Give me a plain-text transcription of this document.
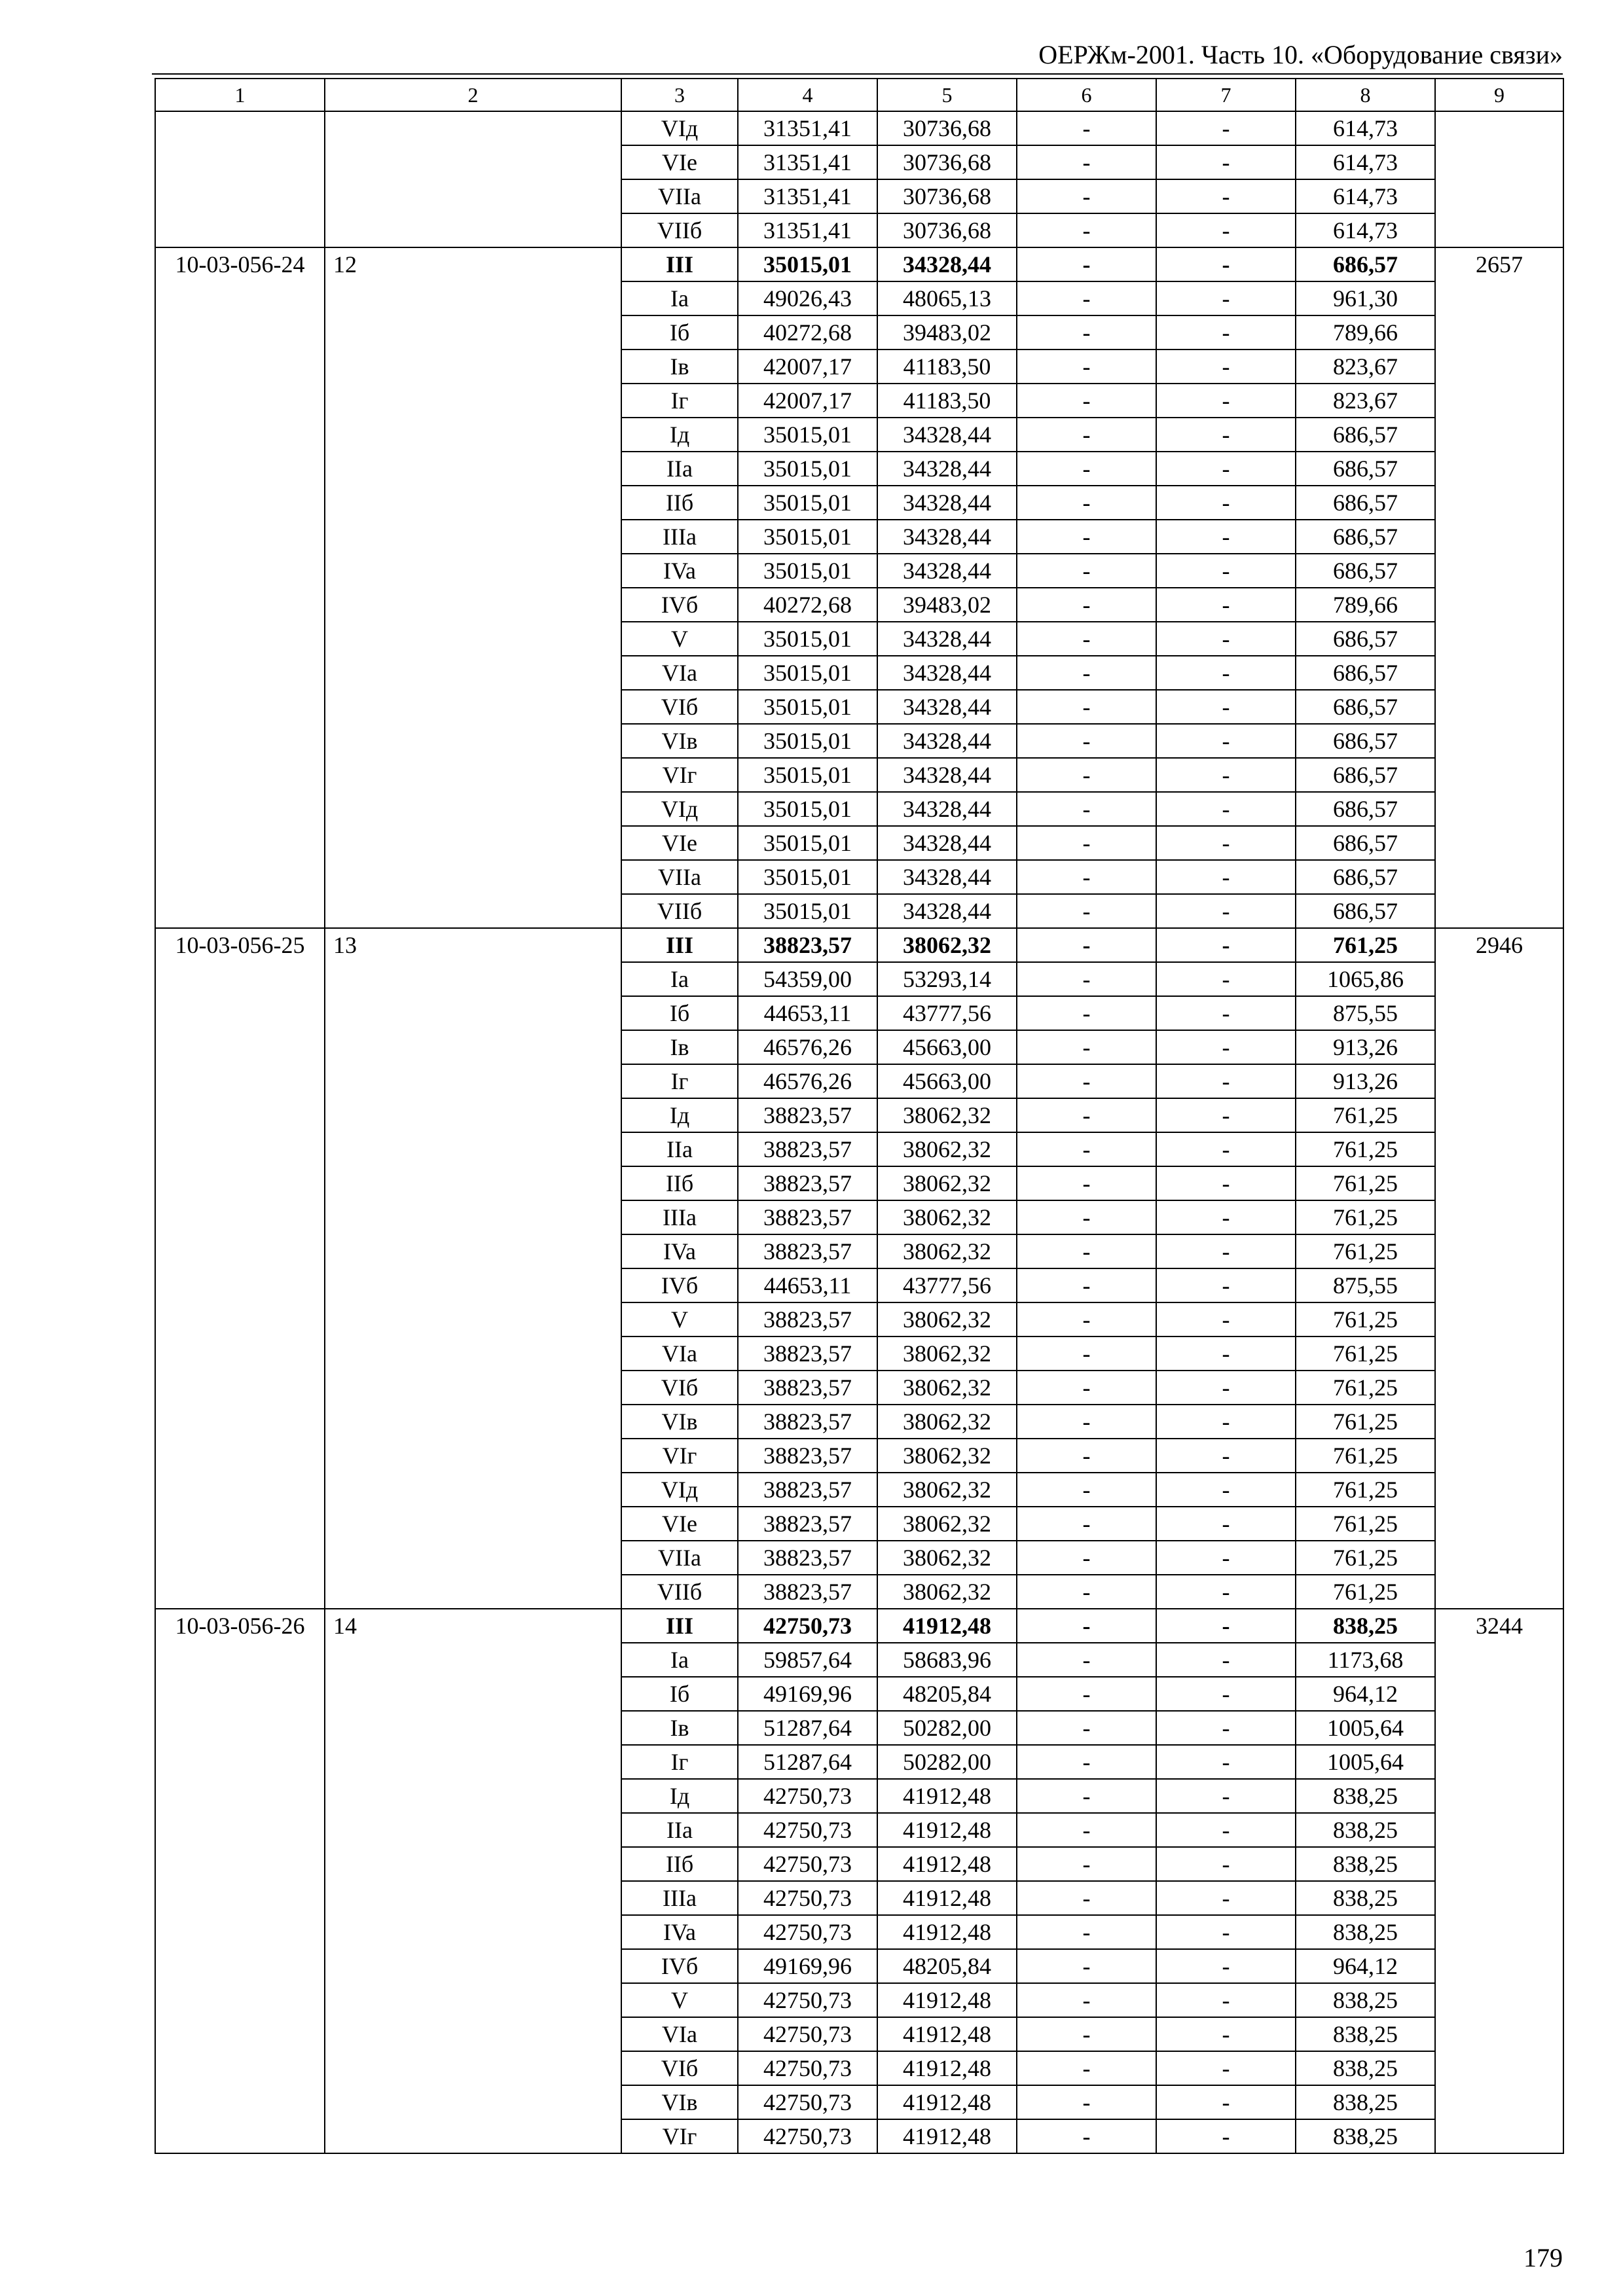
ОЕРЖм-2001. Часть 10. «Оборудование связи»
1	2	3	4	5	6	7	8	9
		VIд	31351,41	30736,68	-	-	614,73	
		VIe	31351,41	30736,68	-	-	614,73	
		VIIa	31351,41	30736,68	-	-	614,73	
		VIIб	31351,41	30736,68	-	-	614,73	
10-03-056-24	12	III	35015,01	34328,44	-	-	686,57	2657
		Ia	49026,43	48065,13	-	-	961,30	
		Iб	40272,68	39483,02	-	-	789,66	
		Iв	42007,17	41183,50	-	-	823,67	
		Iг	42007,17	41183,50	-	-	823,67	
		Iд	35015,01	34328,44	-	-	686,57	
		IIa	35015,01	34328,44	-	-	686,57	
		IIб	35015,01	34328,44	-	-	686,57	
		IIIa	35015,01	34328,44	-	-	686,57	
		IVa	35015,01	34328,44	-	-	686,57	
		IVб	40272,68	39483,02	-	-	789,66	
		V	35015,01	34328,44	-	-	686,57	
		VIa	35015,01	34328,44	-	-	686,57	
		VIб	35015,01	34328,44	-	-	686,57	
		VIв	35015,01	34328,44	-	-	686,57	
		VIг	35015,01	34328,44	-	-	686,57	
		VIд	35015,01	34328,44	-	-	686,57	
		VIe	35015,01	34328,44	-	-	686,57	
		VIIa	35015,01	34328,44	-	-	686,57	
		VIIб	35015,01	34328,44	-	-	686,57	
10-03-056-25	13	III	38823,57	38062,32	-	-	761,25	2946
		Ia	54359,00	53293,14	-	-	1065,86	
		Iб	44653,11	43777,56	-	-	875,55	
		Iв	46576,26	45663,00	-	-	913,26	
		Iг	46576,26	45663,00	-	-	913,26	
		Iд	38823,57	38062,32	-	-	761,25	
		IIa	38823,57	38062,32	-	-	761,25	
		IIб	38823,57	38062,32	-	-	761,25	
		IIIa	38823,57	38062,32	-	-	761,25	
		IVa	38823,57	38062,32	-	-	761,25	
		IVб	44653,11	43777,56	-	-	875,55	
		V	38823,57	38062,32	-	-	761,25	
		VIa	38823,57	38062,32	-	-	761,25	
		VIб	38823,57	38062,32	-	-	761,25	
		VIв	38823,57	38062,32	-	-	761,25	
		VIг	38823,57	38062,32	-	-	761,25	
		VIд	38823,57	38062,32	-	-	761,25	
		VIe	38823,57	38062,32	-	-	761,25	
		VIIa	38823,57	38062,32	-	-	761,25	
		VIIб	38823,57	38062,32	-	-	761,25	
10-03-056-26	14	III	42750,73	41912,48	-	-	838,25	3244
		Ia	59857,64	58683,96	-	-	1173,68	
		Iб	49169,96	48205,84	-	-	964,12	
		Iв	51287,64	50282,00	-	-	1005,64	
		Iг	51287,64	50282,00	-	-	1005,64	
		Iд	42750,73	41912,48	-	-	838,25	
		IIa	42750,73	41912,48	-	-	838,25	
		IIб	42750,73	41912,48	-	-	838,25	
		IIIa	42750,73	41912,48	-	-	838,25	
		IVa	42750,73	41912,48	-	-	838,25	
		IVб	49169,96	48205,84	-	-	964,12	
		V	42750,73	41912,48	-	-	838,25	
		VIa	42750,73	41912,48	-	-	838,25	
		VIб	42750,73	41912,48	-	-	838,25	
		VIв	42750,73	41912,48	-	-	838,25	
		VIг	42750,73	41912,48	-	-	838,25	
179
